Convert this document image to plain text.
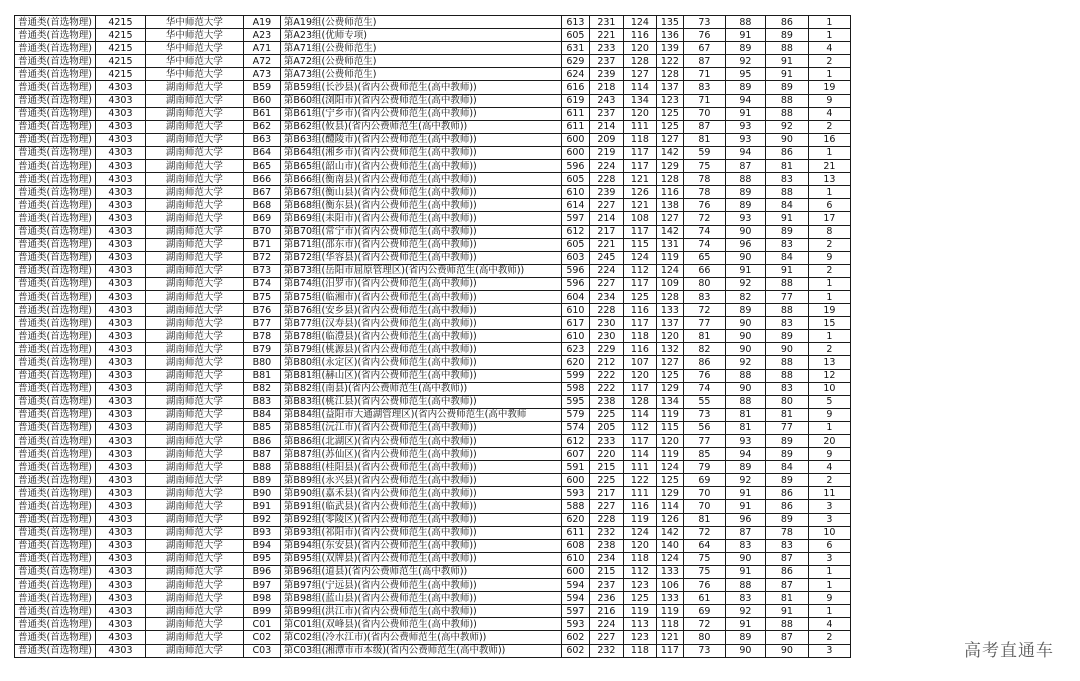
普通类(首选物理)	4215	华中师范大学	A19	第A19组(公费师范生)	613	231	124	135	73	88	86	1	
普通类(首选物理)	4215	华中师范大学	A23	第A23组(优师专项)	605	221	116	136	76	91	89	1	
普通类(首选物理)	4215	华中师范大学	A71	第A71组(公费师范生)	631	233	120	139	67	89	88	4	
普通类(首选物理)	4215	华中师范大学	A72	第A72组(公费师范生)	629	237	128	122	87	92	91	2	
普通类(首选物理)	4215	华中师范大学	A73	第A73组(公费师范生)	624	239	127	128	71	95	91	1	
普通类(首选物理)	4303	湖南师范大学	B59	第B59组(长沙县)(省内公费师范生(高中教师))	616	218	114	137	83	89	89	19	
普通类(首选物理)	4303	湖南师范大学	B60	第B60组(浏阳市)(省内公费师范生(高中教师))	619	243	134	123	71	94	88	9	
普通类(首选物理)	4303	湖南师范大学	B61	第B61组(宁乡市)(省内公费师范生(高中教师))	611	237	120	125	70	91	88	4	
普通类(首选物理)	4303	湖南师范大学	B62	第B62组(攸县)(省内公费师范生(高中教师))	611	214	111	125	87	93	92	2	
普通类(首选物理)	4303	湖南师范大学	B63	第B63组(醴陵市)(省内公费师范生(高中教师))	600	209	118	127	81	93	90	16	
普通类(首选物理)	4303	湖南师范大学	B64	第B64组(湘乡市)(省内公费师范生(高中教师))	600	219	117	142	59	94	86	1	
普通类(首选物理)	4303	湖南师范大学	B65	第B65组(韶山市)(省内公费师范生(高中教师))	596	224	117	129	75	87	81	21	
普通类(首选物理)	4303	湖南师范大学	B66	第B66组(衡南县)(省内公费师范生(高中教师))	605	228	121	128	78	88	83	13	
普通类(首选物理)	4303	湖南师范大学	B67	第B67组(衡山县)(省内公费师范生(高中教师))	610	239	126	116	78	89	88	1	
普通类(首选物理)	4303	湖南师范大学	B68	第B68组(衡东县)(省内公费师范生(高中教师))	614	227	121	138	76	89	84	6	
普通类(首选物理)	4303	湖南师范大学	B69	第B69组(耒阳市)(省内公费师范生(高中教师))	597	214	108	127	72	93	91	17	
普通类(首选物理)	4303	湖南师范大学	B70	第B70组(常宁市)(省内公费师范生(高中教师))	612	217	117	142	74	90	89	8	
普通类(首选物理)	4303	湖南师范大学	B71	第B71组(邵东市)(省内公费师范生(高中教师))	605	221	115	131	74	96	83	2	
普通类(首选物理)	4303	湖南师范大学	B72	第B72组(华容县)(省内公费师范生(高中教师))	603	245	124	119	65	90	84	9	
普通类(首选物理)	4303	湖南师范大学	B73	第B73组(岳阳市屈原管理区)(省内公费师范生(高中教师))	596	224	112	124	66	91	91	2	
普通类(首选物理)	4303	湖南师范大学	B74	第B74组(汨罗市)(省内公费师范生(高中教师))	596	227	117	109	80	92	88	1	
普通类(首选物理)	4303	湖南师范大学	B75	第B75组(临湘市)(省内公费师范生(高中教师))	604	234	125	128	83	82	77	1	
普通类(首选物理)	4303	湖南师范大学	B76	第B76组(安乡县)(省内公费师范生(高中教师))	610	228	116	133	72	89	88	19	
普通类(首选物理)	4303	湖南师范大学	B77	第B77组(汉寿县)(省内公费师范生(高中教师))	617	230	117	137	77	90	83	15	
普通类(首选物理)	4303	湖南师范大学	B78	第B78组(临澧县)(省内公费师范生(高中教师))	610	230	118	120	81	90	89	1	
普通类(首选物理)	4303	湖南师范大学	B79	第B79组(桃源县)(省内公费师范生(高中教师))	623	229	116	132	82	90	90	2	
普通类(首选物理)	4303	湖南师范大学	B80	第B80组(永定区)(省内公费师范生(高中教师))	620	212	107	127	86	92	88	13	
普通类(首选物理)	4303	湖南师范大学	B81	第B81组(赫山区)(省内公费师范生(高中教师))	599	222	120	125	76	88	88	12	
普通类(首选物理)	4303	湖南师范大学	B82	第B82组(南县)(省内公费师范生(高中教师))	598	222	117	129	74	90	83	10	
普通类(首选物理)	4303	湖南师范大学	B83	第B83组(桃江县)(省内公费师范生(高中教师))	595	238	128	134	55	88	80	5	
普通类(首选物理)	4303	湖南师范大学	B84	第B84组(益阳市大通湖管理区)(省内公费师范生(高中教师	579	225	114	119	73	81	81	9	
普通类(首选物理)	4303	湖南师范大学	B85	第B85组(沅江市)(省内公费师范生(高中教师))	574	205	112	115	56	81	77	1	
普通类(首选物理)	4303	湖南师范大学	B86	第B86组(北湖区)(省内公费师范生(高中教师))	612	233	117	120	77	93	89	20	
普通类(首选物理)	4303	湖南师范大学	B87	第B87组(苏仙区)(省内公费师范生(高中教师))	607	220	114	119	85	94	89	9	
普通类(首选物理)	4303	湖南师范大学	B88	第B88组(桂阳县)(省内公费师范生(高中教师))	591	215	111	124	79	89	84	4	
普通类(首选物理)	4303	湖南师范大学	B89	第B89组(永兴县)(省内公费师范生(高中教师))	600	225	122	125	69	92	89	2	
普通类(首选物理)	4303	湖南师范大学	B90	第B90组(嘉禾县)(省内公费师范生(高中教师))	593	217	111	129	70	91	86	11	
普通类(首选物理)	4303	湖南师范大学	B91	第B91组(临武县)(省内公费师范生(高中教师))	588	227	116	114	70	91	86	3	
普通类(首选物理)	4303	湖南师范大学	B92	第B92组(零陵区)(省内公费师范生(高中教师))	620	228	119	126	81	96	89	3	
普通类(首选物理)	4303	湖南师范大学	B93	第B93组(祁阳市)(省内公费师范生(高中教师))	611	232	124	142	72	87	78	10	
普通类(首选物理)	4303	湖南师范大学	B94	第B94组(东安县)(省内公费师范生(高中教师))	608	238	120	140	64	83	83	6	
普通类(首选物理)	4303	湖南师范大学	B95	第B95组(双牌县)(省内公费师范生(高中教师))	610	234	118	124	75	90	87	3	
普通类(首选物理)	4303	湖南师范大学	B96	第B96组(道县)(省内公费师范生(高中教师))	600	215	112	133	75	91	86	1	
普通类(首选物理)	4303	湖南师范大学	B97	第B97组(宁远县)(省内公费师范生(高中教师))	594	237	123	106	76	88	87	1	
普通类(首选物理)	4303	湖南师范大学	B98	第B98组(蓝山县)(省内公费师范生(高中教师))	594	236	125	133	61	83	81	9	
普通类(首选物理)	4303	湖南师范大学	B99	第B99组(洪江市)(省内公费师范生(高中教师))	597	216	119	119	69	92	91	1	
普通类(首选物理)	4303	湖南师范大学	C01	第C01组(双峰县)(省内公费师范生(高中教师))	593	224	113	118	72	91	88	4	
普通类(首选物理)	4303	湖南师范大学	C02	第C02组(冷水江市)(省内公费师范生(高中教师))	602	227	123	121	80	89	87	2	
普通类(首选物理)	4303	湖南师范大学	C03	第C03组(湘潭市市本级)(省内公费师范生(高中教师))	602	232	118	117	73	90	90	3		高考直通车
